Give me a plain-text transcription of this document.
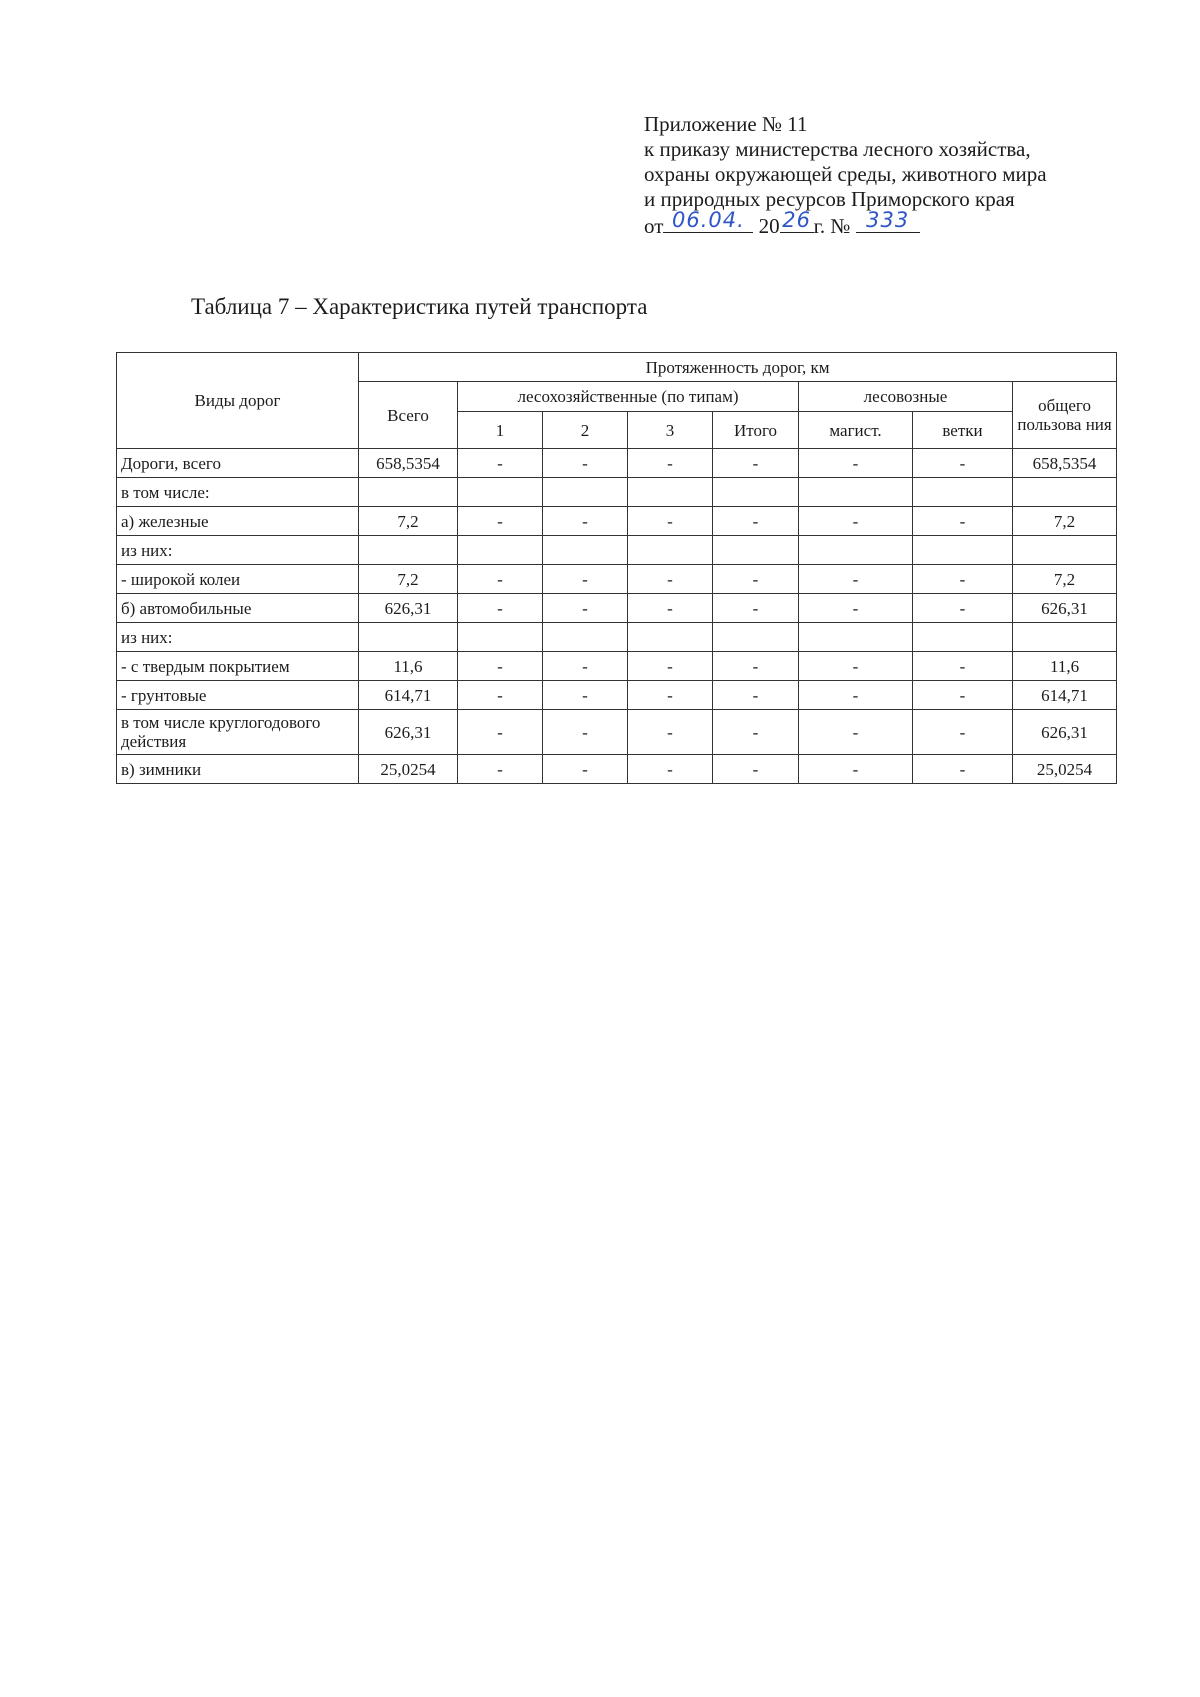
Приложение № 11
к приказу министерства лесного хозяйства,
охраны окружающей среды, животного мира
и природных ресурсов Приморского края
от 06.04. 20 26 г. № 333
Таблица 7 – Характеристика путей транспорта
Виды дорог	Протяженность дорог, км							
	Всего	лесохозяйственные (по типам)				лесовозные		общего пользова ния
		1	2	3	Итого	магист.	ветки	
Дороги, всего	658,5354	-	-	-	-	-	-	658,5354
в том числе:								
а) железные	7,2	-	-	-	-	-	-	7,2
из них:								
- широкой колеи	7,2	-	-	-	-	-	-	7,2
б) автомобильные	626,31	-	-	-	-	-	-	626,31
из них:								
- с твердым покрытием	11,6	-	-	-	-	-	-	11,6
- грунтовые	614,71	-	-	-	-	-	-	614,71
в том числе круглогодового действия	626,31	-	-	-	-	-	-	626,31
в) зимники	25,0254	-	-	-	-	-	-	25,0254
